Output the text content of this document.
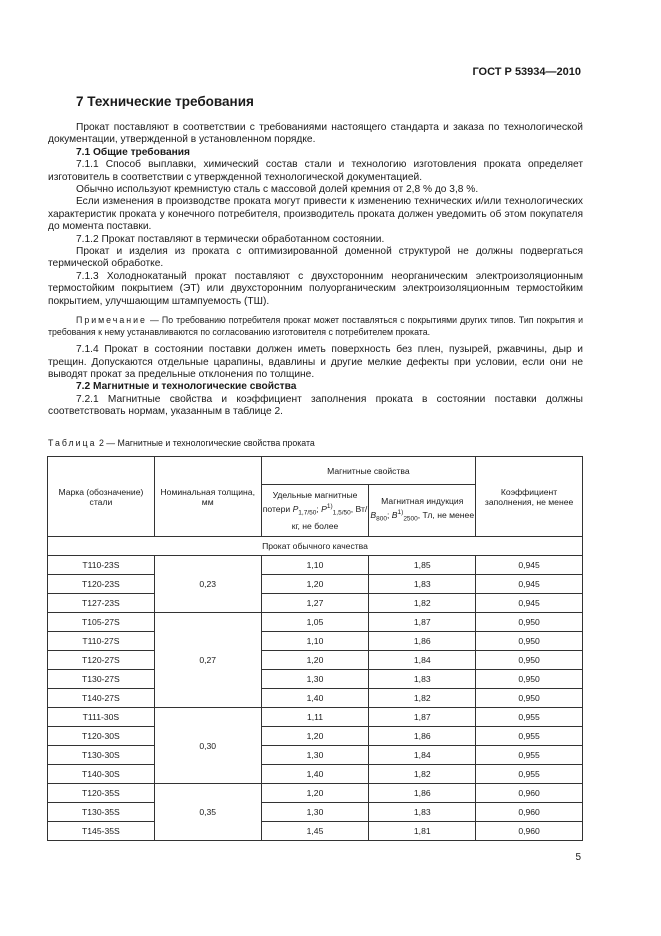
ГОСТ Р 53934—2010
7 Технические требования

Прокат поставляют в соответствии с требованиями настоящего стандарта и заказа по технологической документации, утвержденной в установленном порядке.

7.1 Общие требования

7.1.1 Способ выплавки, химический состав стали и технологию изготовления проката определяет изготовитель в соответствии с утвержденной технологической документацией.

Обычно используют кремнистую сталь с массовой долей кремния от 2,8 % до 3,8 %.

Если изменения в производстве проката могут привести к изменению технических и/или технологических характеристик проката у конечного потребителя, производитель проката должен уведомить об этом покупателя до момента поставки.

7.1.2 Прокат поставляют в термически обработанном состоянии.

Прокат и изделия из проката с оптимизированной доменной структурой не должны подвергаться термической обработке.

7.1.3 Холоднокатаный прокат поставляют с двухсторонним неорганическим электроизоляционным термостойким покрытием (ЭТ) или двухсторонним полуорганическим электроизоляционным термостойким покрытием, улучшающим штампуемость (ТШ).

Примечание — По требованию потребителя прокат может поставляться с покрытиями других типов. Тип покрытия и требования к нему устанавливаются по согласованию изготовителя с потребителем проката.

7.1.4 Прокат в состоянии поставки должен иметь поверхность без плен, пузырей, ржавчины, дыр и трещин. Допускаются отдельные царапины, вдавлины и другие мелкие дефекты при условии, если они не выводят прокат за предельные отклонения по толщине.

7.2 Магнитные и технологические свойства

7.2.1 Магнитные свойства и коэффициент заполнения проката в состоянии поставки должны соответствовать нормам, указанным в таблице 2.

Таблица 2 — Магнитные и технологические свойства проката
Марка (обозначение) стали	Номинальная толщина, мм	Магнитные свойства		Коэффициент заполнения, не менее
		Удельные магнитные потери $P_{1,7/50}$; $P^{1)}_{1,5/50}$, Вт/кг, не более	Магнитная индукция
$B_{800}$; $B^{1)}_{2500}$, Тл, не менее	
Прокат обычного качества				
Т110-23S	0,23	1,10	1,85	0,945
Т120-23S		1,20	1,83	0,945
Т127-23S		1,27	1,82	0,945
Т105-27S	0,27	1,05	1,87	0,950
Т110-27S		1,10	1,86	0,950
Т120-27S		1,20	1,84	0,950
Т130-27S		1,30	1,83	0,950
Т140-27S		1,40	1,82	0,950
Т111-30S	0,30	1,11	1,87	0,955
Т120-30S		1,20	1,86	0,955
Т130-30S		1,30	1,84	0,955
Т140-30S		1,40	1,82	0,955
Т120-35S	0,35	1,20	1,86	0,960
Т130-35S		1,30	1,83	0,960
Т145-35S		1,45	1,81	0,960
5
